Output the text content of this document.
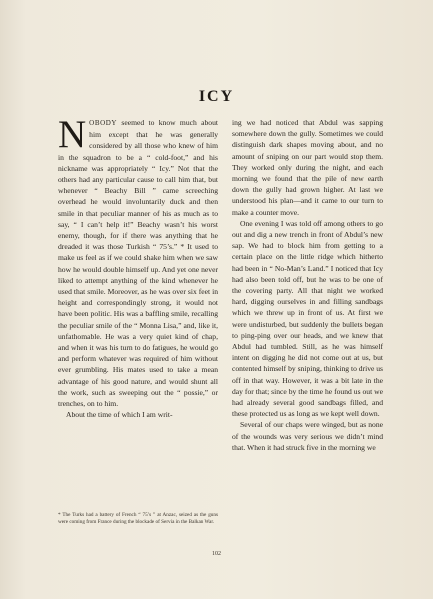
ICY

NOBODY seemed to know much about him except that he was generally considered by all those who knew of him in the squadron to be a “ cold-foot,” and his nickname was appropriately “ Icy.” Not that the others had any particular cause to call him that, but whenever “ Beachy Bill ” came screeching overhead he would involuntarily duck and then smile in that peculiar manner of his as much as to say, “ I can’t help it!” Beachy wasn’t his worst enemy, though, for if there was anything that he dreaded it was those Turkish “ 75’s.” * It used to make us feel as if we could shake him when we saw how he would double himself up. And yet one never liked to attempt anything of the kind whenever he used that smile. Moreover, as he was over six feet in height and correspondingly strong, it would not have been politic. His was a baffling smile, recalling the peculiar smile of the “ Monna Lisa,” and, like it, unfathomable. He was a very quiet kind of chap, and when it was his turn to do fatigues, he would go and perform whatever was required of him without ever grumbling. His mates used to take a mean advantage of his good nature, and would shunt all the work, such as sweeping out the “ possie,” or trenches, on to him.

About the time of which I am writ-

ing we had noticed that Abdul was sapping somewhere down the gully. Sometimes we could distinguish dark shapes moving about, and no amount of sniping on our part would stop them. They worked only during the night, and each morning we found that the pile of new earth down the gully had grown higher. At last we understood his plan—and it came to our turn to make a counter move.

One evening I was told off among others to go out and dig a new trench in front of Abdul’s new sap. We had to block him from getting to a certain place on the little ridge which hitherto had been in “ No-Man’s Land.” I noticed that Icy had also been told off, but he was to be one of the covering party. All that night we worked hard, digging ourselves in and filling sandbags which we threw up in front of us. At first we were undisturbed, but suddenly the bullets began to ping-ping over our heads, and we knew that Abdul had tumbled. Still, as he was himself intent on digging he did not come out at us, but contented himself by sniping, thinking to drive us off in that way. However, it was a bit late in the day for that; since by the time he found us out we had already several good sandbags filled, and these protected us as long as we kept well down.

Several of our chaps were winged, but as none of the wounds was very serious we didn’t mind that. When it had struck five in the morning we

* The Turks had a battery of French “ 75’s ” at Anzac, seized as the guns were coming from France during the blockade of Servia in the Balkan War.
102
